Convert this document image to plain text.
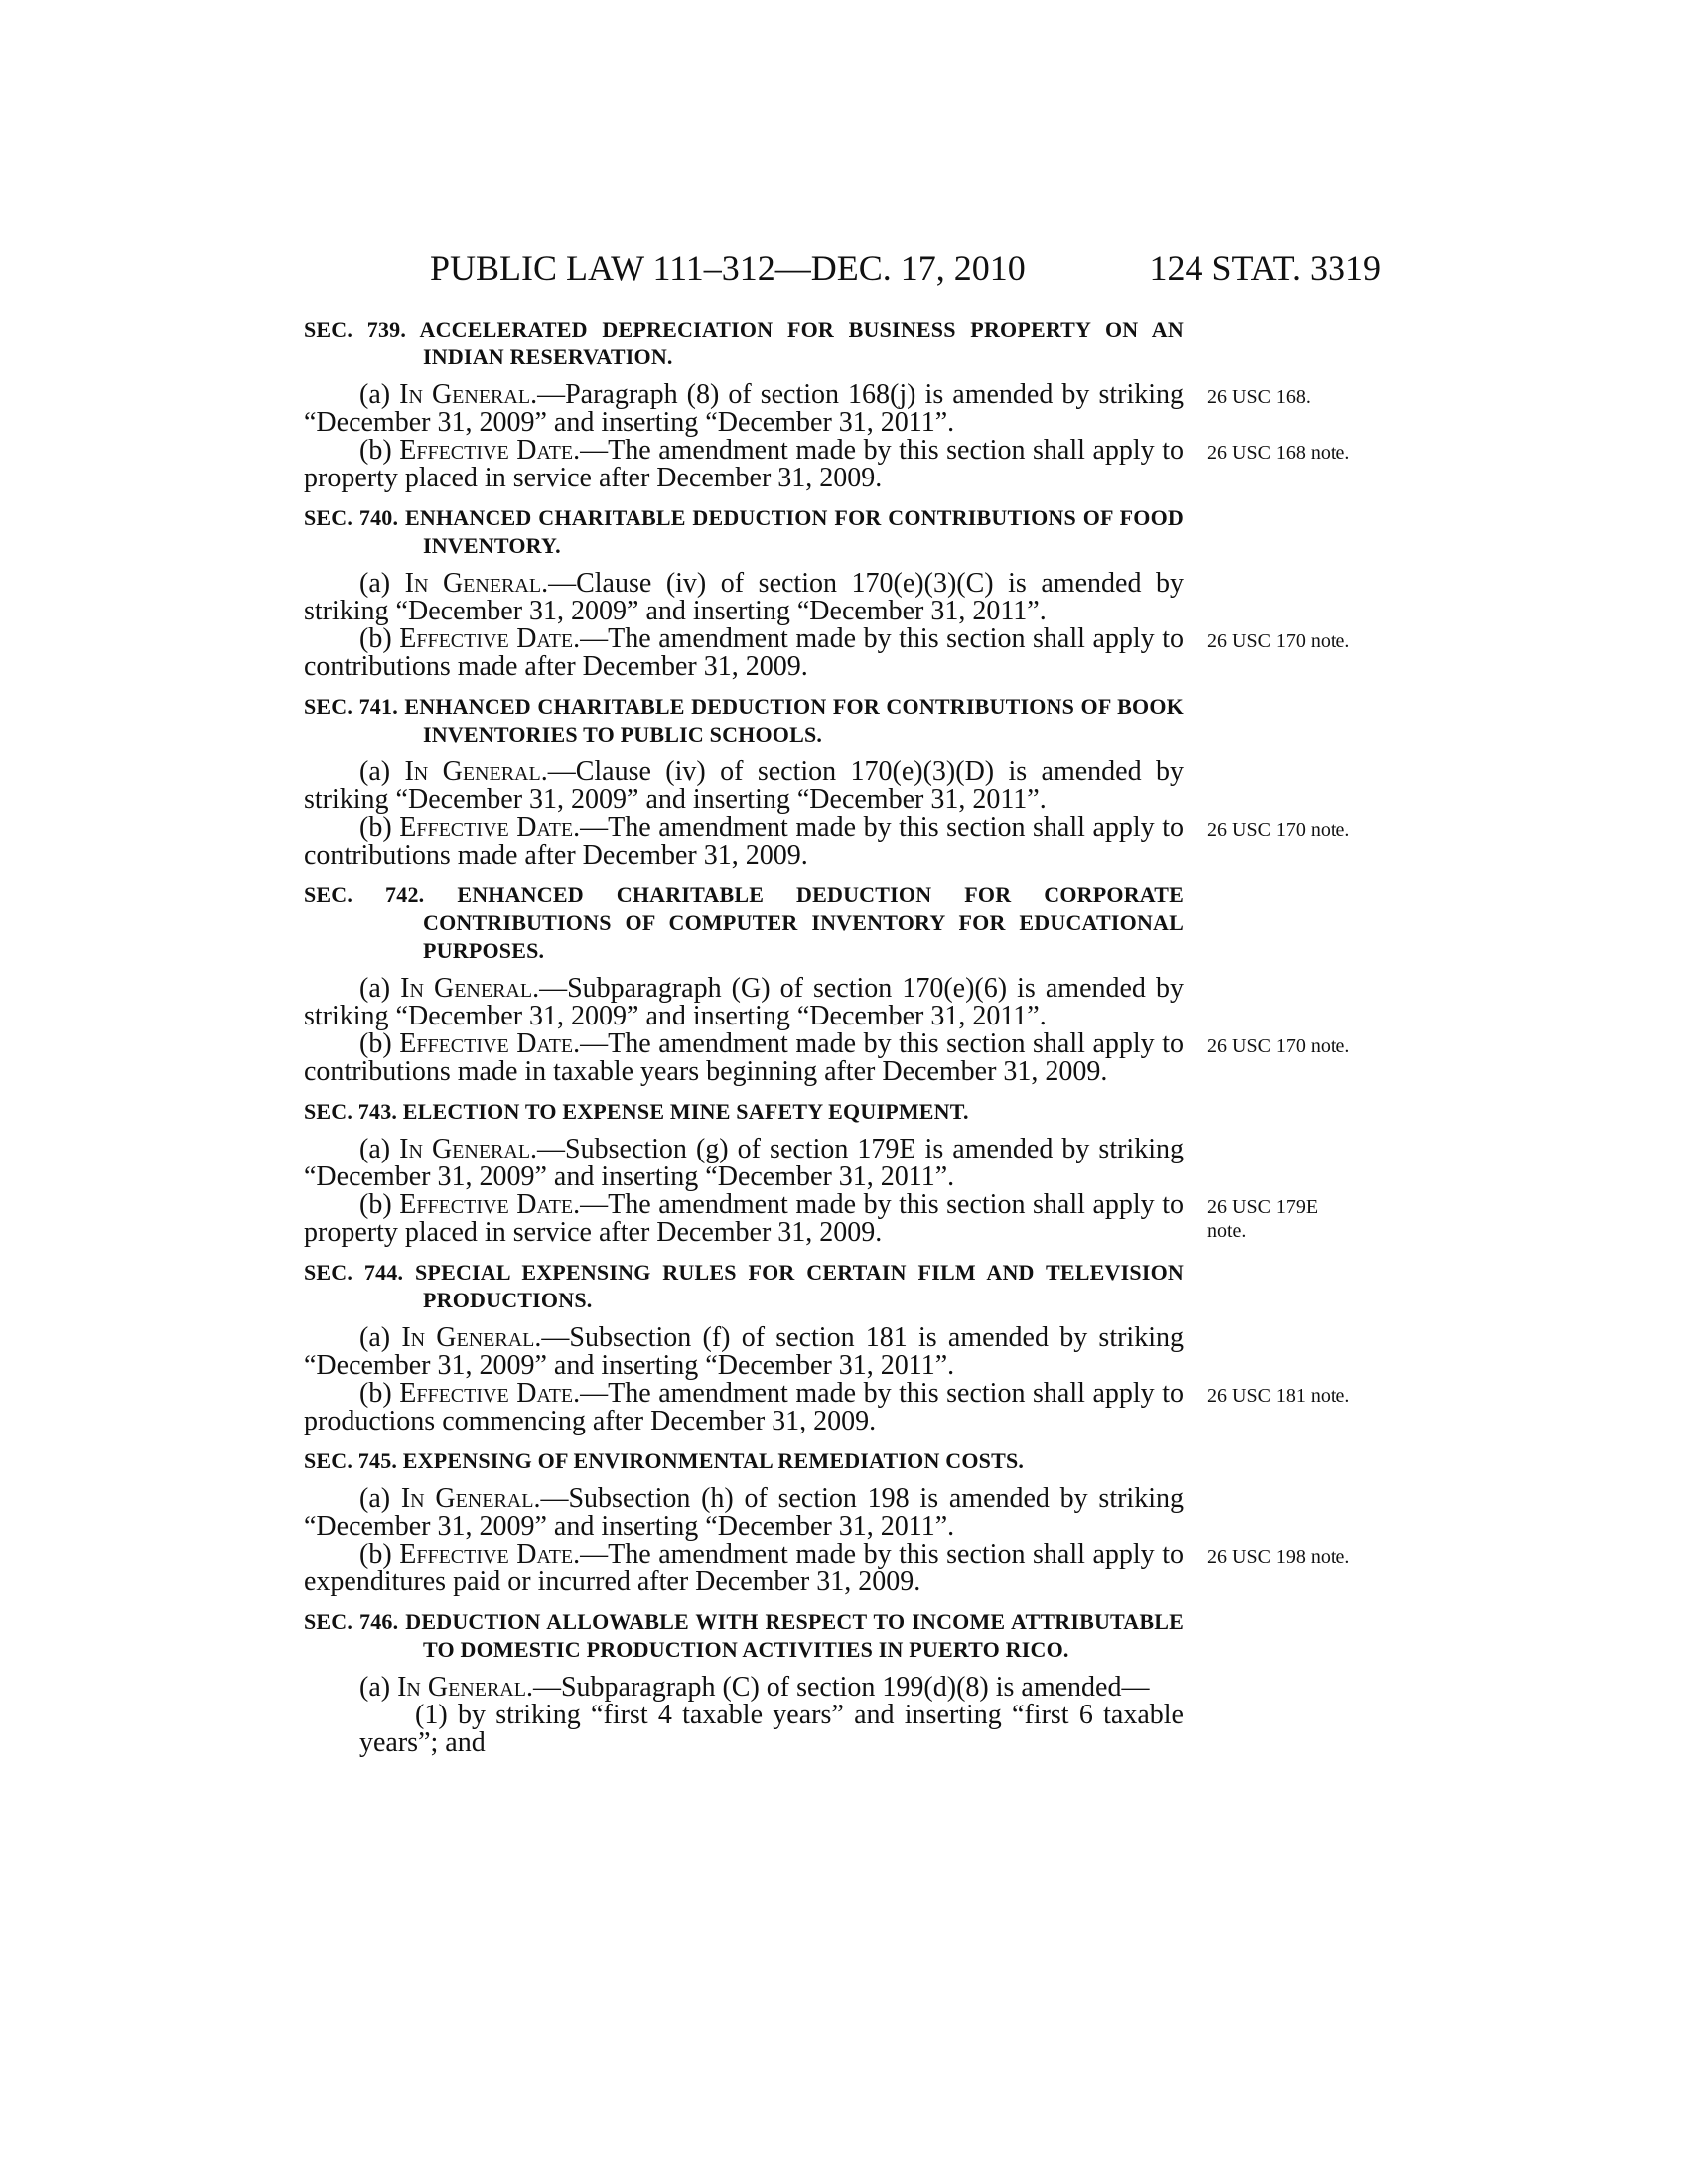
PUBLIC LAW 111–312—DEC. 17, 2010	124 STAT. 3319
SEC. 739. ACCELERATED DEPRECIATION FOR BUSINESS PROPERTY ON AN INDIAN RESERVATION.

(a) In General.—Paragraph (8) of section 168(j) is amended by striking “December 31, 2009” and inserting “December 31, 2011”.
26 USC 168.

(b) Effective Date.—The amendment made by this section shall apply to property placed in service after December 31, 2009.
26 USC 168 note.

SEC. 740. ENHANCED CHARITABLE DEDUCTION FOR CONTRIBUTIONS OF FOOD INVENTORY.

(a) In General.—Clause (iv) of section 170(e)(3)(C) is amended by striking “December 31, 2009” and inserting “December 31, 2011”.

(b) Effective Date.—The amendment made by this section shall apply to contributions made after December 31, 2009.
26 USC 170 note.

SEC. 741. ENHANCED CHARITABLE DEDUCTION FOR CONTRIBUTIONS OF BOOK INVENTORIES TO PUBLIC SCHOOLS.

(a) In General.—Clause (iv) of section 170(e)(3)(D) is amended by striking “December 31, 2009” and inserting “December 31, 2011”.

(b) Effective Date.—The amendment made by this section shall apply to contributions made after December 31, 2009.
26 USC 170 note.

SEC. 742. ENHANCED CHARITABLE DEDUCTION FOR CORPORATE CONTRIBUTIONS OF COMPUTER INVENTORY FOR EDUCATIONAL PURPOSES.

(a) In General.—Subparagraph (G) of section 170(e)(6) is amended by striking “December 31, 2009” and inserting “December 31, 2011”.

(b) Effective Date.—The amendment made by this section shall apply to contributions made in taxable years beginning after December 31, 2009.
26 USC 170 note.

SEC. 743. ELECTION TO EXPENSE MINE SAFETY EQUIPMENT.

(a) In General.—Subsection (g) of section 179E is amended by striking “December 31, 2009” and inserting “December 31, 2011”.

(b) Effective Date.—The amendment made by this section shall apply to property placed in service after December 31, 2009.
26 USC 179E note.

SEC. 744. SPECIAL EXPENSING RULES FOR CERTAIN FILM AND TELEVISION PRODUCTIONS.

(a) In General.—Subsection (f) of section 181 is amended by striking “December 31, 2009” and inserting “December 31, 2011”.

(b) Effective Date.—The amendment made by this section shall apply to productions commencing after December 31, 2009.
26 USC 181 note.

SEC. 745. EXPENSING OF ENVIRONMENTAL REMEDIATION COSTS.

(a) In General.—Subsection (h) of section 198 is amended by striking “December 31, 2009” and inserting “December 31, 2011”.

(b) Effective Date.—The amendment made by this section shall apply to expenditures paid or incurred after December 31, 2009.
26 USC 198 note.

SEC. 746. DEDUCTION ALLOWABLE WITH RESPECT TO INCOME ATTRIBUTABLE TO DOMESTIC PRODUCTION ACTIVITIES IN PUERTO RICO.

(a) In General.—Subparagraph (C) of section 199(d)(8) is amended—

(1) by striking “first 4 taxable years” and inserting “first 6 taxable years”; and
